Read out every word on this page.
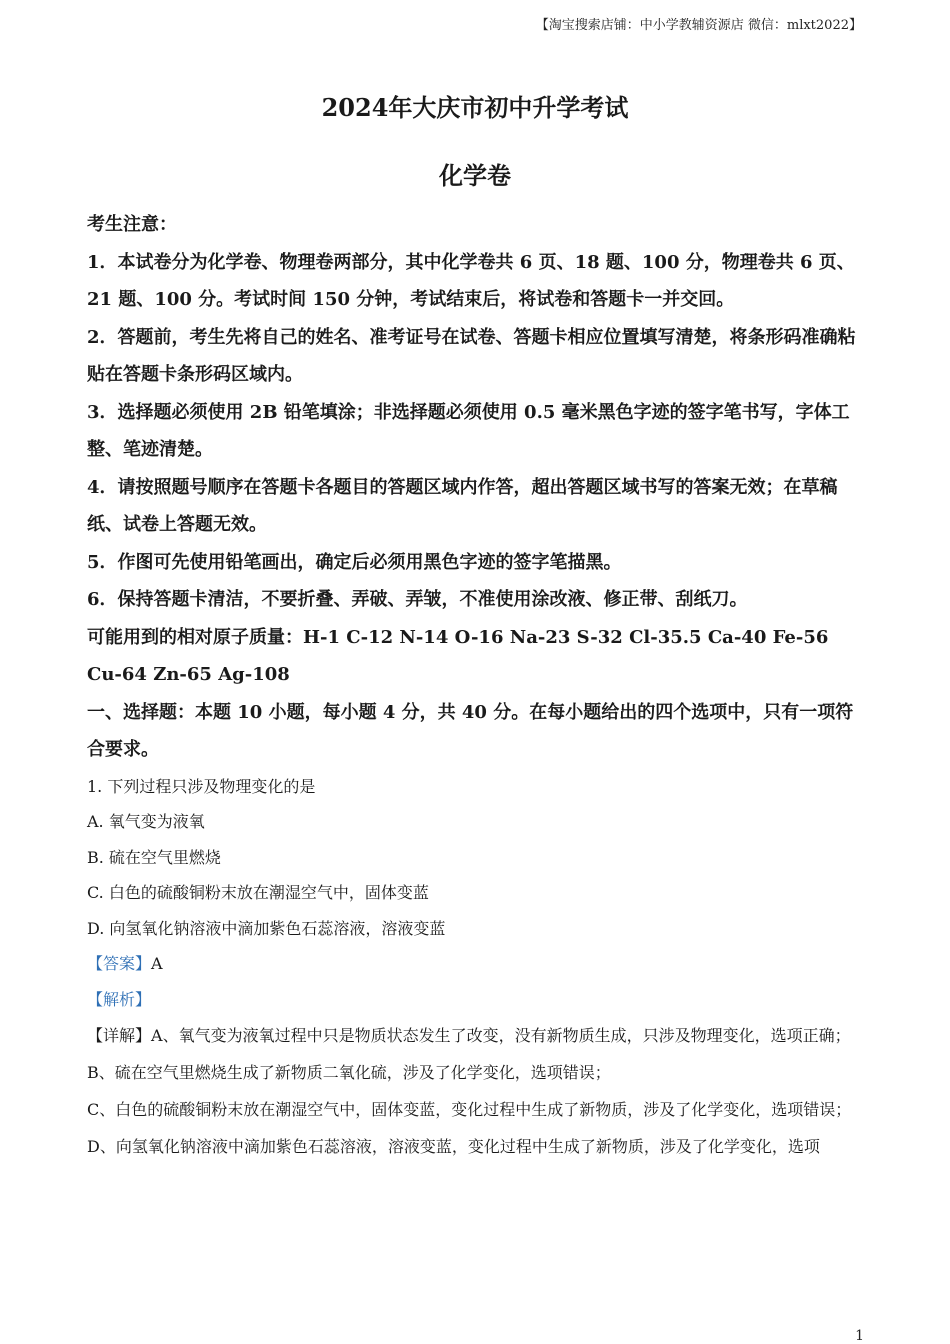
【淘宝搜索店铺：中小学教辅资源店 微信：mlxt2022】
2024年大庆市初中升学考试
化学卷

考生注意：

1．本试卷分为化学卷、物理卷两部分，其中化学卷共 6 页、18 题、100 分，物理卷共 6 页、21 题、100 分。考试时间 150 分钟，考试结束后，将试卷和答题卡一并交回。

2．答题前，考生先将自己的姓名、准考证号在试卷、答题卡相应位置填写清楚，将条形码准确粘贴在答题卡条形码区域内。

3．选择题必须使用 2B 铅笔填涂；非选择题必须使用 0.5 毫米黑色字迹的签字笔书写，字体工整、笔迹清楚。

4．请按照题号顺序在答题卡各题目的答题区域内作答，超出答题区域书写的答案无效；在草稿纸、试卷上答题无效。

5．作图可先使用铅笔画出，确定后必须用黑色字迹的签字笔描黑。

6．保持答题卡清洁，不要折叠、弄破、弄皱，不准使用涂改液、修正带、刮纸刀。

可能用到的相对原子质量：H-1 C-12 N-14 O-16 Na-23 S-32 Cl-35.5 Ca-40 Fe-56 Cu-64 Zn-65 Ag-108

一、选择题：本题 10 小题，每小题 4 分，共 40 分。在每小题给出的四个选项中，只有一项符合要求。

1. 下列过程只涉及物理变化的是

A. 氧气变为液氧

B. 硫在空气里燃烧

C. 白色的硫酸铜粉末放在潮湿空气中，固体变蓝

D. 向氢氧化钠溶液中滴加紫色石蕊溶液，溶液变蓝

【答案】A

【解析】

【详解】A、氧气变为液氧过程中只是物质状态发生了改变，没有新物质生成，只涉及物理变化，选项正确；

B、硫在空气里燃烧生成了新物质二氧化硫，涉及了化学变化，选项错误；

C、白色的硫酸铜粉末放在潮湿空气中，固体变蓝，变化过程中生成了新物质，涉及了化学变化，选项错误；

D、向氢氧化钠溶液中滴加紫色石蕊溶液，溶液变蓝，变化过程中生成了新物质，涉及了化学变化，选项

1
